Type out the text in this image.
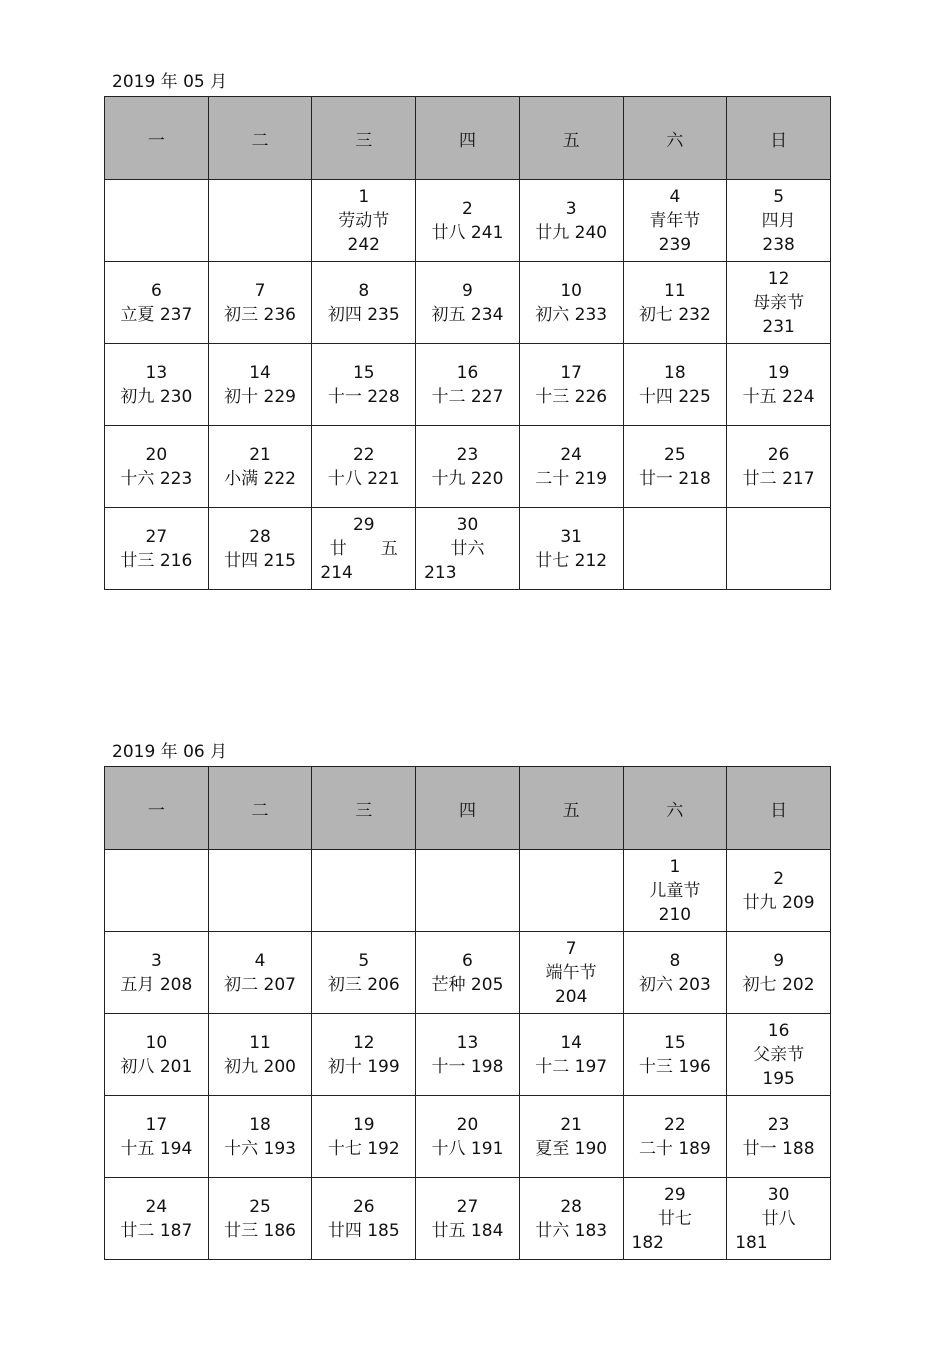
2019 年 05 月
一	二	三	四	五	六	日

		1
劳动节
242	2
廿八 241	3
廿九 240	4
青年节
239	5
四月
238

6
立夏 237	7
初三 236	8
初四 235	9
初五 234	10
初六 233	11
初七 232	12
母亲节
231

13
初九 230	14
初十 229	15
十一 228	16
十二 227	17
十三 226	18
十四 225	19
十五 224

20
十六 223	21
小满 222	22
十八 221	23
十九 220	24
二十 219	25
廿一 218	26
廿二 217

27
廿三 216	28
廿四 215	29
廿 五
214	30
廿六
213	31
廿七 212		

2019 年 06 月
一	二	三	四	五	六	日

					1
儿童节
210	2
廿九 209

3
五月 208	4
初二 207	5
初三 206	6
芒种 205	7
端午节
204	8
初六 203	9
初七 202

10
初八 201	11
初九 200	12
初十 199	13
十一 198	14
十二 197	15
十三 196	16
父亲节
195

17
十五 194	18
十六 193	19
十七 192	20
十八 191	21
夏至 190	22
二十 189	23
廿一 188

24
廿二 187	25
廿三 186	26
廿四 185	27
廿五 184	28
廿六 183	29
廿七
182	30
廿八
181
